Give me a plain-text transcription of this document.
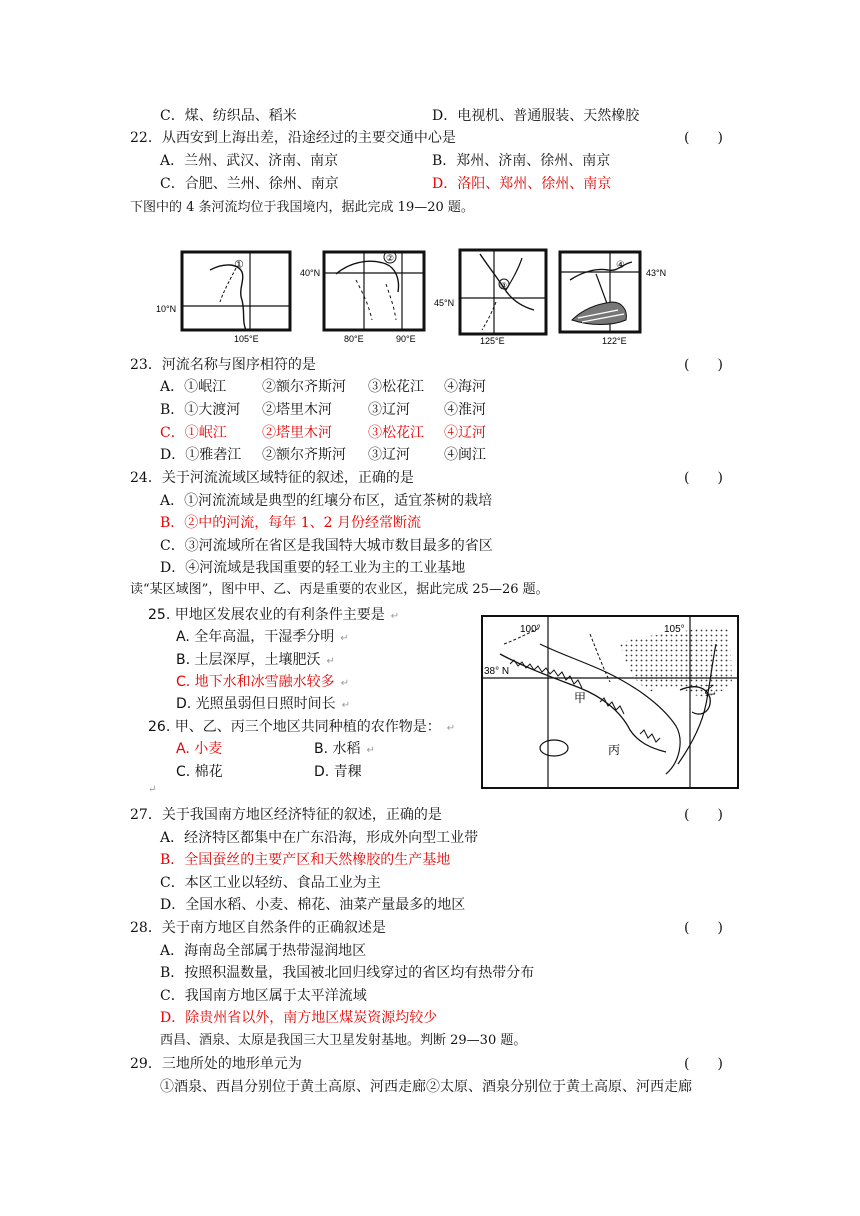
C．煤、纺织品、稻米	D．电视机、普通服装、天然橡胶
22．从西安到上海出差，沿途经过的主要交通中心是	(　　)
A．兰州、武汉、济南、南京	B．郑州、济南、徐州、南京
C．合肥、兰州、徐州、南京	D．洛阳、郑州、徐州、南京
下图中的 4 条河流均位于我国境内，据此完成 19—20 题。
①
10°N
105°E
②
40°N
80°E	90°E
③
45°N
125°E
④
43°N
122°E
23．河流名称与图序相符的是	(　　)
A．①岷江	②额尔齐斯河 ③松花江 ④海河
B．①大渡河 ②塔里木河	③辽河 ④淮河
C．①岷江	②塔里木河	③松花江 ④辽河
D．①雅砻江 ②额尔齐斯河 ③辽河 ④闽江
24．关于河流流域区域特征的叙述，正确的是	(　　)
A．①河流流域是典型的红壤分布区，适宜茶树的栽培
B．②中的河流，每年 1、2 月份经常断流
C．③河流域所在省区是我国特大城市数目最多的省区
D．④河流域是我国重要的轻工业为主的工业基地
读“某区域图”，图中甲、乙、丙是重要的农业区，据此完成 25—26 题。
25. 甲地区发展农业的有利条件主要是 ↵
A. 全年高温，干湿季分明 ↵
B. 土层深厚，土壤肥沃 ↵
C. 地下水和冰雪融水较多 ↵
D. 光照虽弱但日照时间长 ↵
26. 甲、乙、丙三个地区共同种植的农作物是： ↵
A. 小麦	B. 水稻 ↵
C. 棉花	D. 青稞
↵
100°	105°
38° N
甲
乙
丙
27．关于我国南方地区经济特征的叙述，正确的是	(　　)
A．经济特区都集中在广东沿海，形成外向型工业带
B．全国蚕丝的主要产区和天然橡胶的生产基地
C．本区工业以轻纺、食品工业为主
D．全国水稻、小麦、棉花、油菜产量最多的地区
28．关于南方地区自然条件的正确叙述是	(　　)
A．海南岛全部属于热带湿润地区
B．按照积温数量，我国被北回归线穿过的省区均有热带分布
C．我国南方地区属于太平洋流域
D．除贵州省以外，南方地区煤炭资源均较少
西昌、酒泉、太原是我国三大卫星发射基地。判断 29—30 题。
29．三地所处的地形单元为	(　　)
①酒泉、西昌分别位于黄土高原、河西走廊②太原、酒泉分别位于黄土高原、河西走廊
